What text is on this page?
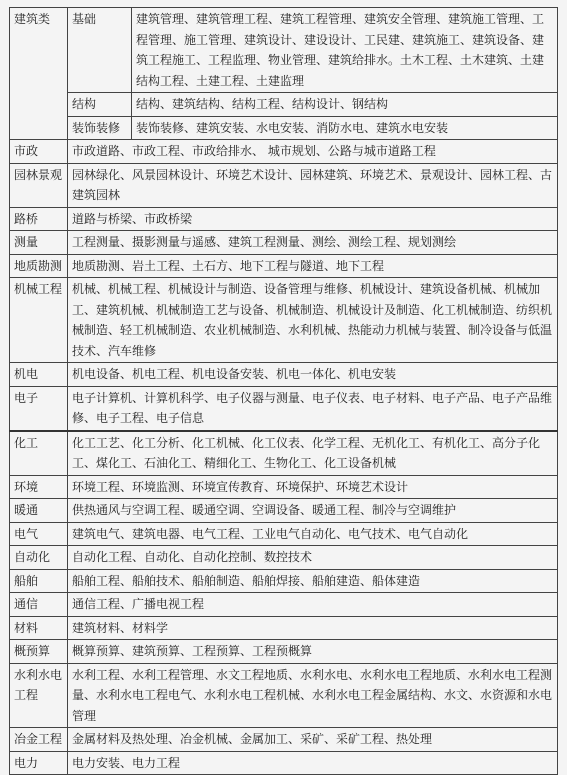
建筑类	基础	建筑管理、建筑管理工程、建筑工程管理、建筑安全管理、建筑施工管理、工程管理、施工管理、建筑设计、建设设计、工民建、建筑施工、建筑设备、建筑工程施工、工程监理、物业管理、建筑给排水。土木工程、土木建筑、土建结构工程、土建工程、土建监理
	结构	结构、建筑结构、结构工程、结构设计、钢结构
	装饰装修	装饰装修、建筑安装、水电安装、消防水电、建筑水电安装
市政	市政道路、市政工程、市政给排水、 城市规划、公路与城市道路工程	
园林景观	园林绿化、风景园林设计、环境艺术设计、园林建筑、环境艺术、景观设计、园林工程、古建筑园林	
路桥	道路与桥梁、市政桥梁	
测量	工程测量、摄影测量与遥感、建筑工程测量、测绘、测绘工程、规划测绘	
地质勘测	地质勘测、岩土工程、土石方、地下工程与隧道、地下工程	
机械工程	机械、机械工程、机械设计与制造、设备管理与维修、机械设计、建筑设备机械、机械加工、建筑机械、机械制造工艺与设备、机械制造、机械设计及制造、化工机械制造、纺织机械制造、轻工机械制造、农业机械制造、水利机械、热能动力机械与装置、制冷设备与低温技术、汽车维修	
机电	机电设备、机电工程、机电设备安装、机电一体化、机电安装	
电子	电子计算机、计算机科学、电子仪器与测量、电子仪表、电子材料、电子产品、电子产品维修、电子工程、电子信息	
化工	化工工艺、化工分析、化工机械、化工仪表、化学工程、无机化工、有机化工、高分子化工、煤化工、石油化工、精细化工、生物化工、化工设备机械	
环境	环境工程、环境监测、环境宣传教育、环境保护、环境艺术设计	
暖通	供热通风与空调工程、暖通空调、空调设备、暖通工程、制冷与空调维护	
电气	建筑电气、建筑电器、电气工程、工业电气自动化、电气技术、电气自动化	
自动化	自动化工程、自动化、自动化控制、数控技术	
船舶	船舶工程、船舶技术、船舶制造、船舶焊接、船舶建造、船体建造	
通信	通信工程、广播电视工程	
材料	建筑材料、材料学	
概预算	概算预算、建筑预算、工程预算、工程预概算	
水利水电工程	水利工程、水利工程管理、水文工程地质、水利水电、水利水电工程地质、水利水电工程测 量、水利水电工程电气、水利水电工程机械、水利水电工程金属结构、水文、水资源和水电管理	
冶金工程	金属材料及热处理、冶金机械、金属加工、采矿、采矿工程、热处理	
电力	电力安装、电力工程	
